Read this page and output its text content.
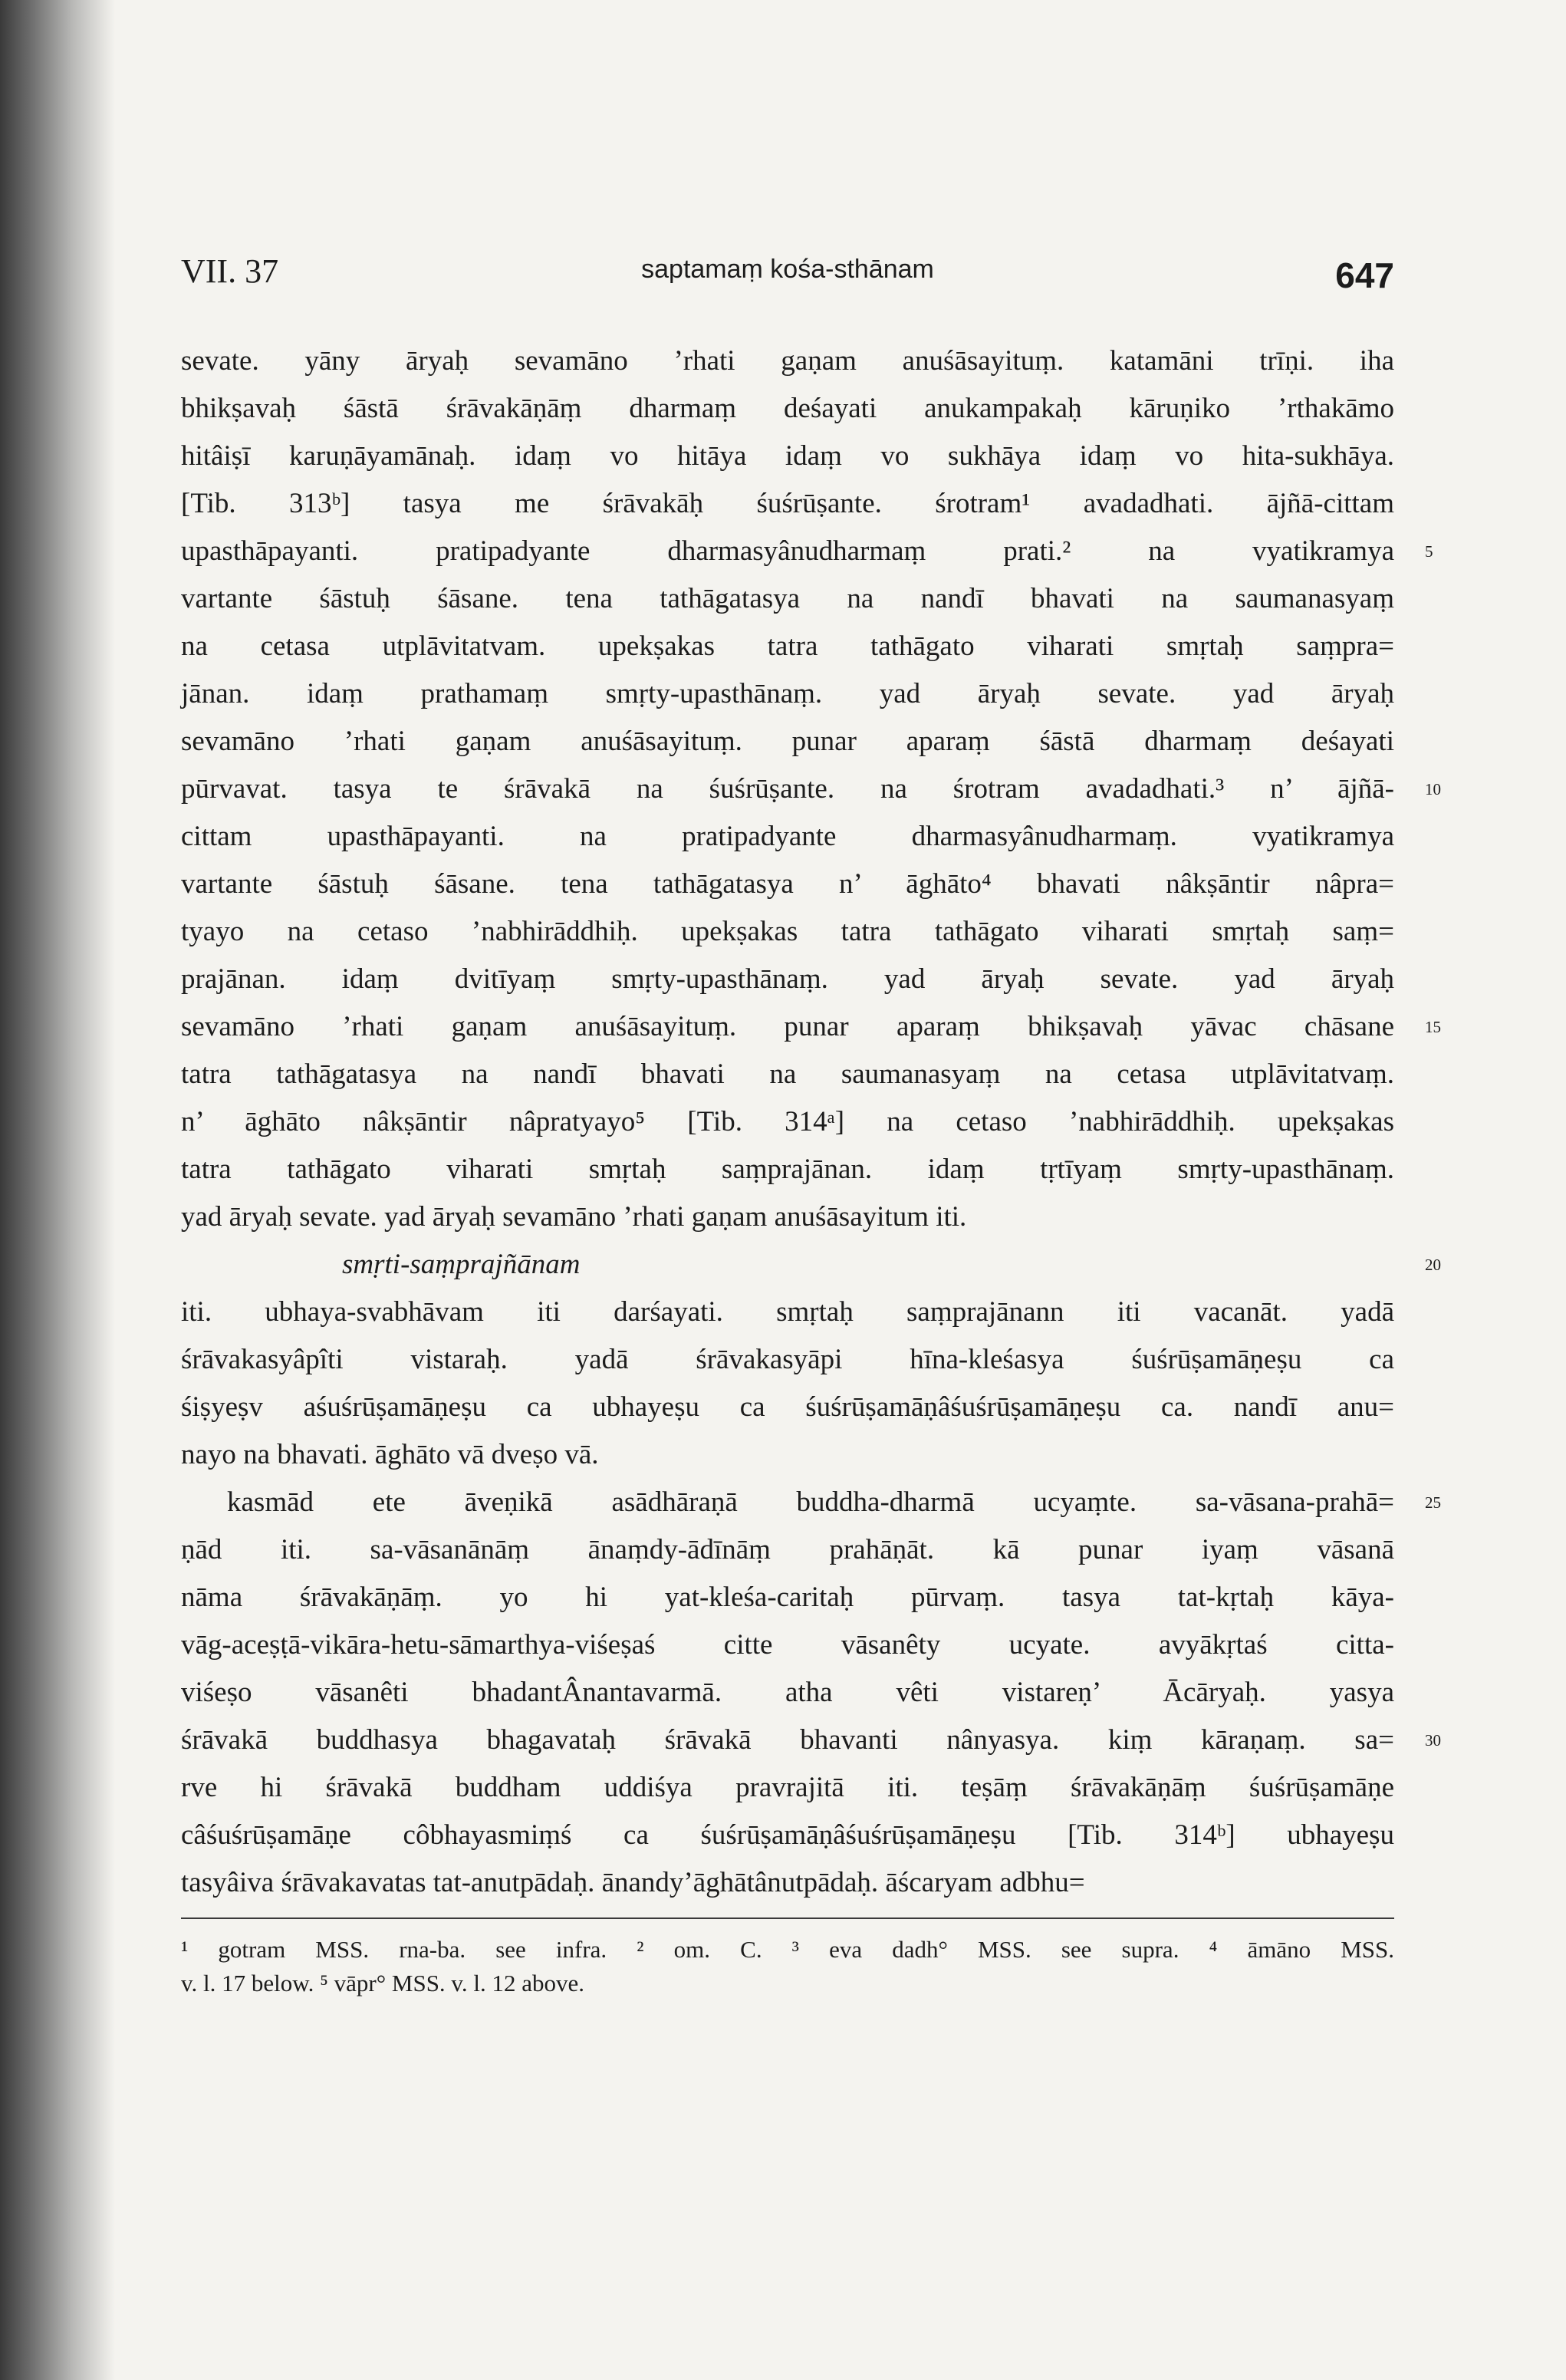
VII. 37	saptamaṃ kośa-sthānam	647
sevate. yāny āryaḥ sevamāno ’rhati gaṇam anuśāsayituṃ. katamāni trīṇi. iha
bhikṣavaḥ śāstā śrāvakāṇāṃ dharmaṃ deśayati anukampakaḥ kāruṇiko ’rthakāmo
hitâiṣī karuṇāyamānaḥ. idaṃ vo hitāya idaṃ vo sukhāya idaṃ vo hita-sukhāya.
[Tib. 313ᵇ] tasya me śrāvakāḥ śuśrūṣante. śrotram¹ avadadhati. ājñā-cittam
upasthāpayanti. pratipadyante dharmasyânudharmaṃ prati.² na vyatikramya 5
vartante śāstuḥ śāsane. tena tathāgatasya na nandī bhavati na saumanasyaṃ
na cetasa utplāvitatvam. upekṣakas tatra tathāgato viharati smṛtaḥ saṃpra=
jānan. idaṃ prathamaṃ smṛty-upasthānaṃ. yad āryaḥ sevate. yad āryaḥ
sevamāno ’rhati gaṇam anuśāsayituṃ. punar aparaṃ śāstā dharmaṃ deśayati
pūrvavat. tasya te śrāvakā na śuśrūṣante. na śrotram avadadhati.³ n’ ājñā- 10
cittam upasthāpayanti. na pratipadyante dharmasyânudharmaṃ. vyatikramya
vartante śāstuḥ śāsane. tena tathāgatasya n’ āghāto⁴ bhavati nâkṣāntir nâpra=
tyayo na cetaso ’nabhirāddhiḥ. upekṣakas tatra tathāgato viharati smṛtaḥ saṃ=
prajānan. idaṃ dvitīyaṃ smṛty-upasthānaṃ. yad āryaḥ sevate. yad āryaḥ
sevamāno ’rhati gaṇam anuśāsayituṃ. punar aparaṃ bhikṣavaḥ yāvac chāsane 15
tatra tathāgatasya na nandī bhavati na saumanasyaṃ na cetasa utplāvitatvaṃ.
n’ āghāto nâkṣāntir nâpratyayo⁵ [Tib. 314ᵃ] na cetaso ’nabhirāddhiḥ. upekṣakas
tatra tathāgato viharati smṛtaḥ saṃprajānan. idaṃ tṛtīyaṃ smṛty-upasthānaṃ.
yad āryaḥ sevate. yad āryaḥ sevamāno ’rhati gaṇam anuśāsayitum iti.
smṛti-saṃprajñānam	20
iti. ubhaya-svabhāvam iti darśayati. smṛtaḥ saṃprajānann iti vacanāt. yadā
śrāvakasyâpîti vistaraḥ. yadā śrāvakasyāpi hīna-kleśasya śuśrūṣamāṇeṣu ca
śiṣyeṣv aśuśrūṣamāṇeṣu ca ubhayeṣu ca śuśrūṣamāṇâśuśrūṣamāṇeṣu ca. nandī anu=
nayo na bhavati. āghāto vā dveṣo vā.
kasmād ete āveṇikā asādhāraṇā buddha-dharmā ucyaṃte. sa-vāsana-prahā= 25
ṇād iti. sa-vāsanānāṃ ānaṃdy-ādīnāṃ prahāṇāt. kā punar iyaṃ vāsanā
nāma śrāvakāṇāṃ. yo hi yat-kleśa-caritaḥ pūrvaṃ. tasya tat-kṛtaḥ kāya-
vāg-aceṣṭā-vikāra-hetu-sāmarthya-viśeṣaś citte vāsanêty ucyate. avyākṛtaś citta-
viśeṣo vāsanêti bhadantÂnantavarmā. atha vêti vistareṇ’ Ācāryaḥ. yasya
śrāvakā buddhasya bhagavataḥ śrāvakā bhavanti nânyasya. kiṃ kāraṇaṃ. sa= 30
rve hi śrāvakā buddham uddiśya pravrajitā iti. teṣāṃ śrāvakāṇāṃ śuśrūṣamāṇe
câśuśrūṣamāṇe côbhayasmiṃś ca śuśrūṣamāṇâśuśrūṣamāṇeṣu [Tib. 314ᵇ] ubhayeṣu
tasyâiva śrāvakavatas tat-anutpādaḥ. ānandy’āghātânutpādaḥ. āścaryam adbhu=
¹ gotram MSS. rna-ba. see infra. ² om. C. ³ eva dadh° MSS. see supra. ⁴ āmāno MSS.
v. l. 17 below. ⁵ vāpr° MSS. v. l. 12 above.
